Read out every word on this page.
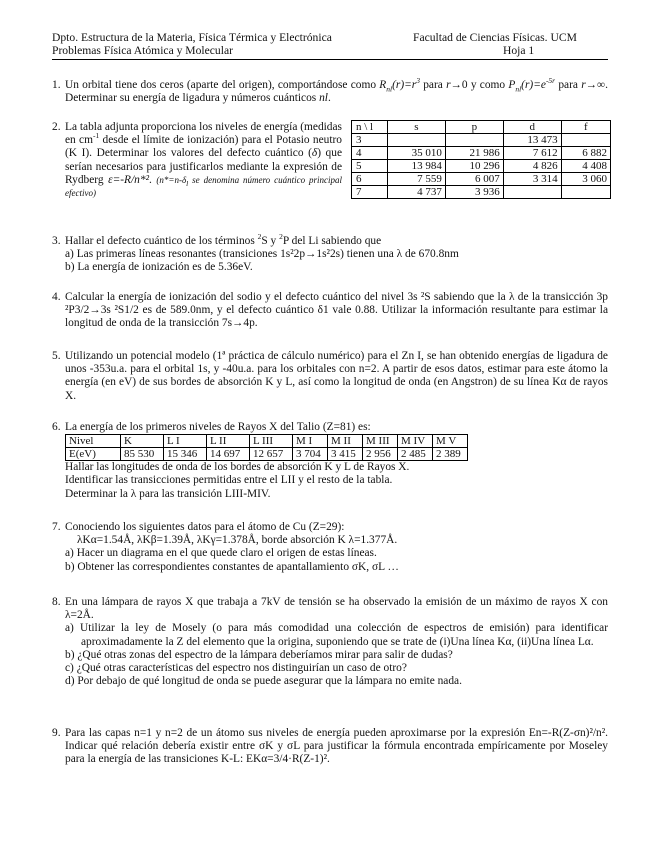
Dpto. Estructura de la Materia, Física Térmica y Electrónica
Problemas Física Atómica y Molecular
Facultad de Ciencias Físicas. UCM
Hoja 1
1. Un orbital tiene dos ceros (aparte del origen), comportándose como $R_{nl}(r)=r^3$ para r→0 y como $P_{nl}(r)=e^{-5r}$ para r→∞. Determinar su energía de ligadura y números cuánticos nl.
2. La tabla adjunta proporciona los niveles de energía (medidas en $cm^{-1}$ desde el límite de ionización) para el Potasio neutro (K I). Determinar los valores del defecto cuántico (δ) que serían necesarios para justificarlos mediante la expresión de Rydberg ε=-R/n*². ($n*=n-\delta_l$ se denomina número cuántico principal efectivo)
n \ l	s	p	d	f
3			13 473	
4	35 010	21 986	7 612	6 882
5	13 984	10 296	4 826	4 408
6	7 559	6 007	3 314	3 060
7	4 737	3 936		
3. Hallar el defecto cuántico de los términos $^2$S y $^2$P del Li sabiendo que
a) Las primeras líneas resonantes (transiciones 1s²2p→1s²2s) tienen una λ de 670.8nm
b) La energía de ionización es de 5.36eV.
4. Calcular la energía de ionización del sodio y el defecto cuántico del nivel 3s ²S sabiendo que la λ de la transicción 3p ²P3/2→3s ²S1/2 es de 589.0nm, y el defecto cuántico δ1 vale 0.88. Utilizar la información resultante para estimar la longitud de onda de la transicción 7s→4p.
5. Utilizando un potencial modelo (1ª práctica de cálculo numérico) para el Zn I, se han obtenido energías de ligadura de unos -353u.a. para el orbital 1s, y -40u.a. para los orbitales con n=2. A partir de esos datos, estimar para este átomo la energía (en eV) de sus bordes de absorción K y L, así como la longitud de onda (en Angstron) de su línea Kα de rayos X.
6. La energía de los primeros niveles de Rayos X del Talio (Z=81) es:
Nivel	K	L I	L II	L III	M I	M II	M III	M IV	M V
E(eV)	85 530	15 346	14 697	12 657	3 704	3 415	2 956	2 485	2 389
Hallar las longitudes de onda de los bordes de absorción K y L de Rayos X.
Identificar las transicciones permitidas entre el LII y el resto de la tabla.
Determinar la λ para las transición LIII-MIV.
7. Conociendo los siguientes datos para el átomo de Cu (Z=29):
λKα=1.54Å, λKβ=1.39Å, λKγ=1.378Å, borde absorción K λ=1.377Å.
a) Hacer un diagrama en el que quede claro el origen de estas líneas.
b) Obtener las correspondientes constantes de apantallamiento σK, σL …
8. En una lámpara de rayos X que trabaja a 7kV de tensión se ha observado la emisión de un máximo de rayos X con λ=2Å.
a) Utilizar la ley de Mosely (o para más comodidad una colección de espectros de emisión) para identificar aproximadamente la Z del elemento que la origina, suponiendo que se trate de (i)Una línea Kα, (ii)Una línea Lα.
b) ¿Qué otras zonas del espectro de la lámpara deberíamos mirar para salir de dudas?
c) ¿Qué otras características del espectro nos distinguirían un caso de otro?
d) Por debajo de qué longitud de onda se puede asegurar que la lámpara no emite nada.
9. Para las capas n=1 y n=2 de un átomo sus niveles de energía pueden aproximarse por la expresión En=-R(Z-σn)²/n². Indicar qué relación debería existir entre σK y σL para justificar la fórmula encontrada empíricamente por Moseley para la energía de las transiciones K-L: EKα=3/4·R(Z-1)².
